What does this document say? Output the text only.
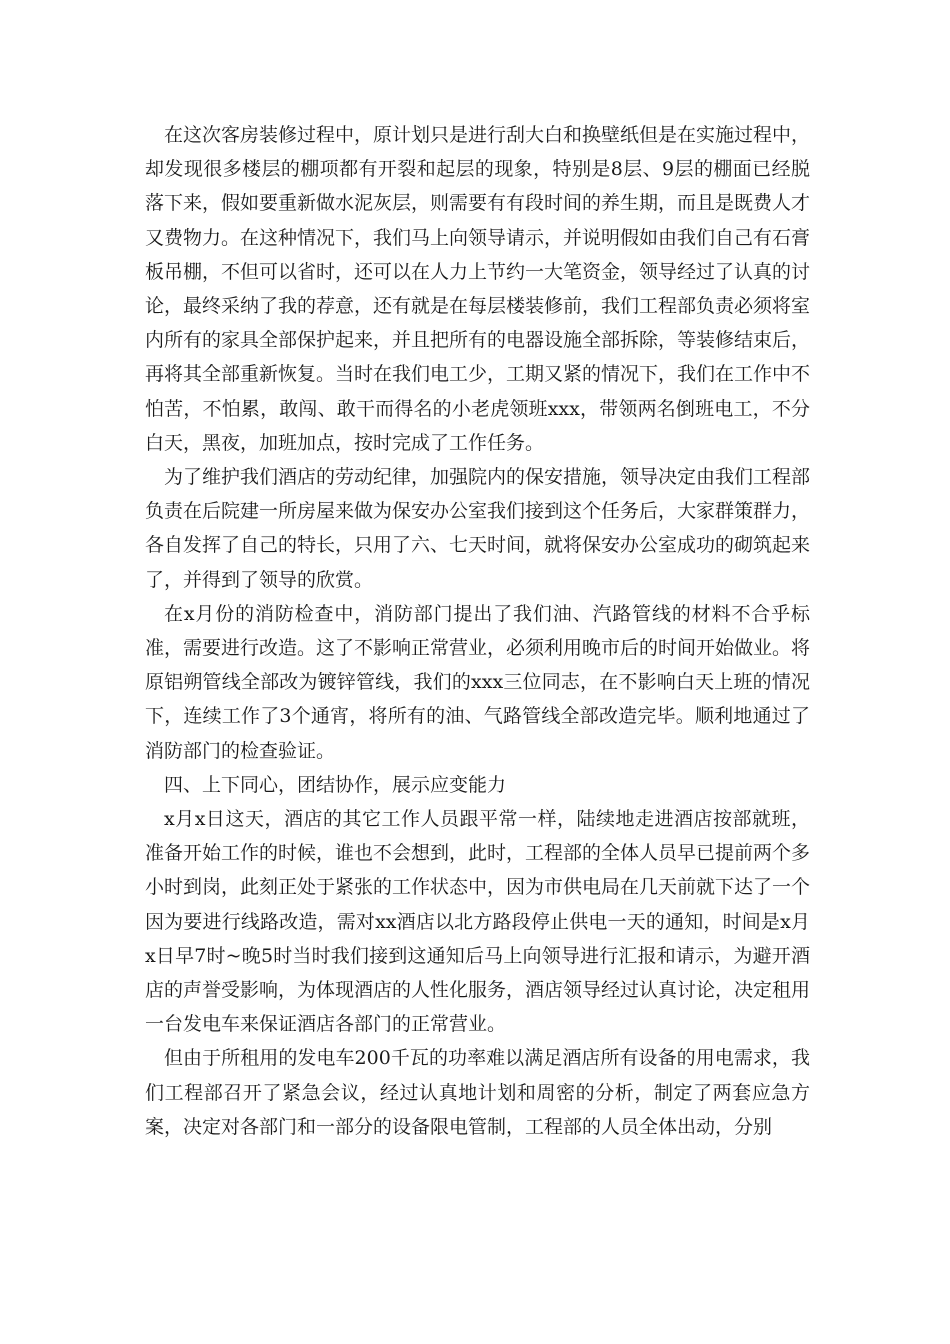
在这次客房装修过程中，原计划只是进行刮大白和换壁纸但是在实施过程中，却发现很多楼层的棚项都有开裂和起层的现象，特别是8层、9层的棚面已经脱落下来，假如要重新做水泥灰层，则需要有有段时间的养生期，而且是既费人才又费物力。在这种情况下，我们马上向领导请示，并说明假如由我们自己有石膏板吊棚，不但可以省时，还可以在人力上节约一大笔资金，领导经过了认真的讨论，最终采纳了我的荐意，还有就是在每层楼装修前，我们工程部负责必须将室内所有的家具全部保护起来，并且把所有的电器设施全部拆除，等装修结束后，再将其全部重新恢复。当时在我们电工少，工期又紧的情况下，我们在工作中不怕苦，不怕累，敢闯、敢干而得名的小老虎领班xxx，带领两名倒班电工，不分白天，黑夜，加班加点，按时完成了工作任务。

为了维护我们酒店的劳动纪律，加强院内的保安措施，领导决定由我们工程部负责在后院建一所房屋来做为保安办公室我们接到这个任务后，大家群策群力，各自发挥了自己的特长，只用了六、七天时间，就将保安办公室成功的砌筑起来了，并得到了领导的欣赏。

在x月份的消防检查中，消防部门提出了我们油、汽路管线的材料不合乎标准，需要进行改造。这了不影响正常营业，必须利用晚市后的时间开始做业。将原铝朔管线全部改为镀锌管线，我们的xxx三位同志，在不影响白天上班的情况下，连续工作了3个通宵，将所有的油、气路管线全部改造完毕。顺利地通过了消防部门的检查验证。

四、上下同心，团结协作，展示应变能力

x月x日这天，酒店的其它工作人员跟平常一样，陆续地走进酒店按部就班，准备开始工作的时候，谁也不会想到，此时，工程部的全体人员早已提前两个多小时到岗，此刻正处于紧张的工作状态中，因为市供电局在几天前就下达了一个因为要进行线路改造，需对xx酒店以北方路段停止供电一天的通知，时间是x月x日早7时~晚5时当时我们接到这通知后马上向领导进行汇报和请示，为避开酒店的声誉受影响，为体现酒店的人性化服务，酒店领导经过认真讨论，决定租用一台发电车来保证酒店各部门的正常营业。

但由于所租用的发电车200千瓦的功率难以满足酒店所有设备的用电需求，我们工程部召开了紧急会议，经过认真地计划和周密的分析，制定了两套应急方案，决定对各部门和一部分的设备限电管制，工程部的人员全体出动，分别
